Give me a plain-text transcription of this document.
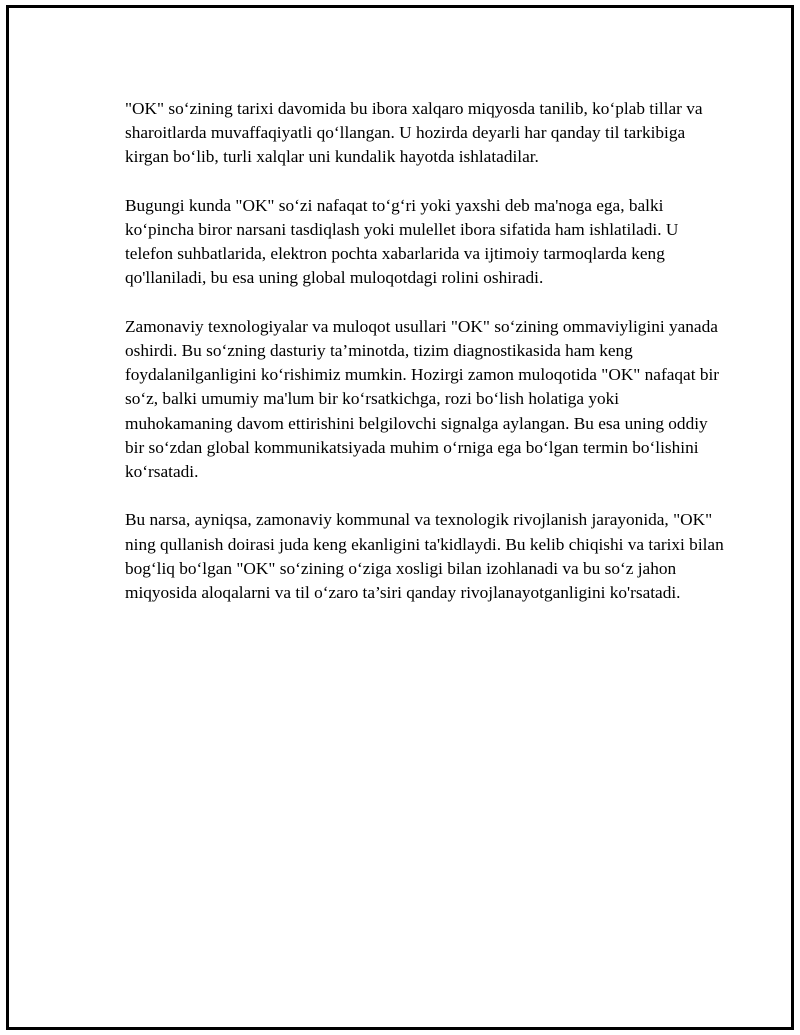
"OK" so‘zining tarixi davomida bu ibora xalqaro miqyosda tanilib, ko‘plab tillar va sharoitlarda muvaffaqiyatli qo‘llangan. U hozirda deyarli har qanday til tarkibiga kirgan bo‘lib, turli xalqlar uni kundalik hayotda ishlatadilar.

Bugungi kunda "OK" so‘zi nafaqat to‘g‘ri yoki yaxshi deb ma'noga ega, balki ko‘pincha biror narsani tasdiqlash yoki mulellet ibora sifatida ham ishlatiladi. U telefon suhbatlarida, elektron pochta xabarlarida va ijtimoiy tarmoqlarda keng qo'llaniladi, bu esa uning global muloqotdagi rolini oshiradi.

Zamonaviy texnologiyalar va muloqot usullari "OK" so‘zining ommaviyligini yanada oshirdi. Bu so‘zning dasturiy ta’minotda, tizim diagnostikasida ham keng foydalanilganligini ko‘rishimiz mumkin. Hozirgi zamon muloqotida "OK" nafaqat bir so‘z, balki umumiy ma'lum bir ko‘rsatkichga, rozi bo‘lish holatiga yoki muhokamaning davom ettirishini belgilovchi signalga aylangan. Bu esa uning oddiy bir so‘zdan global kommunikatsiyada muhim o‘rniga ega bo‘lgan termin bo‘lishini ko‘rsatadi.

Bu narsa, ayniqsa, zamonaviy kommunal va texnologik rivojlanish jarayonida, "OK" ning qullanish doirasi juda keng ekanligini ta'kidlaydi. Bu kelib chiqishi va tarixi bilan bog‘liq bo‘lgan "OK" so‘zining o‘ziga xosligi bilan izohlanadi va bu so‘z jahon miqyosida aloqalarni va til o‘zaro ta’siri qanday rivojlanayotganligini ko'rsatadi.
